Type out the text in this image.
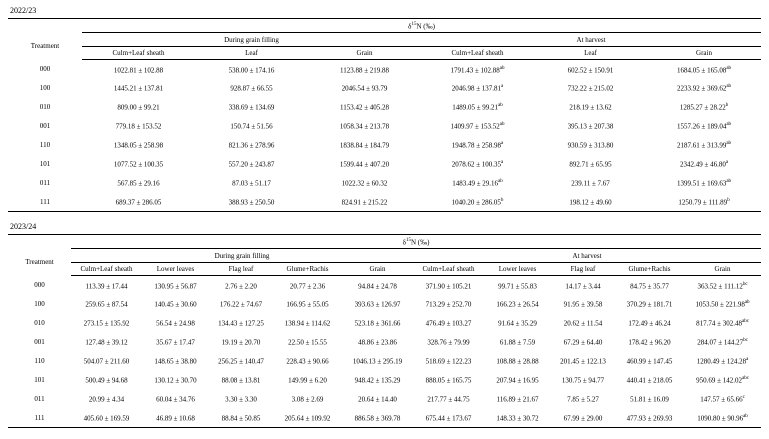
2022/23
	$\delta^{15}N$ (‰)					
Treatment	During grain filling			At harvest		
	Culm+Leaf sheath	Leaf	Grain	Culm+Leaf sheath	Leaf	Grain
000	1022.81 ± 102.88	538.00 ± 174.16	1123.88 ± 219.88	1791.43 ± 102.88$^{ab}$	602.52 ± 150.91	1684.05 ± 165.08$^{ab}$
100	1445.21 ± 137.81	928.87 ± 66.55	2046.54 ± 93.79	2046.98 ± 137.81$^a$	732.22 ± 215.02	2233.92 ± 369.62$^{ab}$
010	809.00 ± 99.21	338.69 ± 134.69	1153.42 ± 405.28	1489.05 ± 99.21$^{ab}$	218.19 ± 13.62	1285.27 ± 28.22$^b$
001	779.18 ± 153.52	150.74 ± 51.56	1058.34 ± 213.78	1409.97 ± 153.52$^{ab}$	395.13 ± 207.38	1557.26 ± 189.04$^{ab}$
110	1348.05 ± 258.98	821.36 ± 278.96	1838.84 ± 184.79	1948.78 ± 258.98$^a$	930.59 ± 313.80	2187.61 ± 313.99$^{ab}$
101	1077.52 ± 100.35	557.20 ± 243.87	1599.44 ± 407.20	2078.62 ± 100.35$^a$	892.71 ± 65.95	2342.49 ± 46.80$^a$
011	567.85 ± 29.16	87.03 ± 51.17	1022.32 ± 60.32	1483.49 ± 29.16$^{ab}$	239.11 ± 7.67	1399.51 ± 169.63$^{ab}$
111	689.37 ± 286.05	388.93 ± 250.50	824.91 ± 215.22	1040.20 ± 286.05$^b$	198.12 ± 49.60	1250.79 ± 111.89$^b$
2023/24
	$\delta^{15}N$ (‰)									
Treatment	During grain filling					At harvest				
	Culm+Leaf sheath	Lower leaves	Flag leaf	Glume+Rachis	Grain	Culm+Leaf sheath	Lower leaves	Flag leaf	Glume+Rachis	Grain
000	113.39 ± 17.44	130.95 ± 56.87	2.76 ± 2.20	20.77 ± 2.36	94.84 ± 24.78	371.90 ± 105.21	99.71 ± 55.83	14.17 ± 3.44	84.75 ± 35.77	363.52 ± 111.12$^{bc}$
100	259.65 ± 87.54	140.45 ± 30.60	176.22 ± 74.67	166.95 ± 55.05	393.63 ± 126.97	713.29 ± 252.70	166.23 ± 26.54	91.95 ± 39.58	370.29 ± 181.71	1053.50 ± 221.98$^{ab}$
010	273.15 ± 135.92	56.54 ± 24.98	134.43 ± 127.25	138.94 ± 114.62	523.18 ± 361.66	476.49 ± 103.27	91.64 ± 35.29	20.62 ± 11.54	172.49 ± 46.24	817.74 ± 302.48$^{abc}$
001	127.48 ± 39.12	35.67 ± 17.47	19.19 ± 20.70	22.50 ± 15.55	48.86 ± 23.86	328.76 ± 79.99	61.88 ± 7.59	67.29 ± 64.40	178.42 ± 96.20	284.07 ± 144.27$^{bc}$
110	504.07 ± 211.60	148.65 ± 38.80	256.25 ± 140.47	228.43 ± 90.66	1046.13 ± 295.19	518.69 ± 122.23	108.88 ± 28.88	201.45 ± 122.13	460.99 ± 147.45	1280.49 ± 124.28$^a$
101	500.49 ± 94.68	130.12 ± 30.70	88.08 ± 13.81	149.99 ± 6.20	948.42 ± 135.29	888.05 ± 165.75	207.94 ± 16.95	130.75 ± 94.77	440.41 ± 218.05	950.69 ± 142.02$^{abc}$
011	20.99 ± 4.34	60.04 ± 34.76	3.30 ± 3.30	3.08 ± 2.69	20.64 ± 14.40	217.77 ± 44.75	116.89 ± 21.67	7.85 ± 5.27	51.81 ± 16.09	147.57 ± 65.66$^c$
111	405.60 ± 169.59	46.89 ± 10.68	88.84 ± 50.85	205.64 ± 109.92	886.58 ± 369.78	675.44 ± 173.67	148.33 ± 30.72	67.99 ± 29.00	477.93 ± 269.93	1090.80 ± 90.96$^{ab}$
